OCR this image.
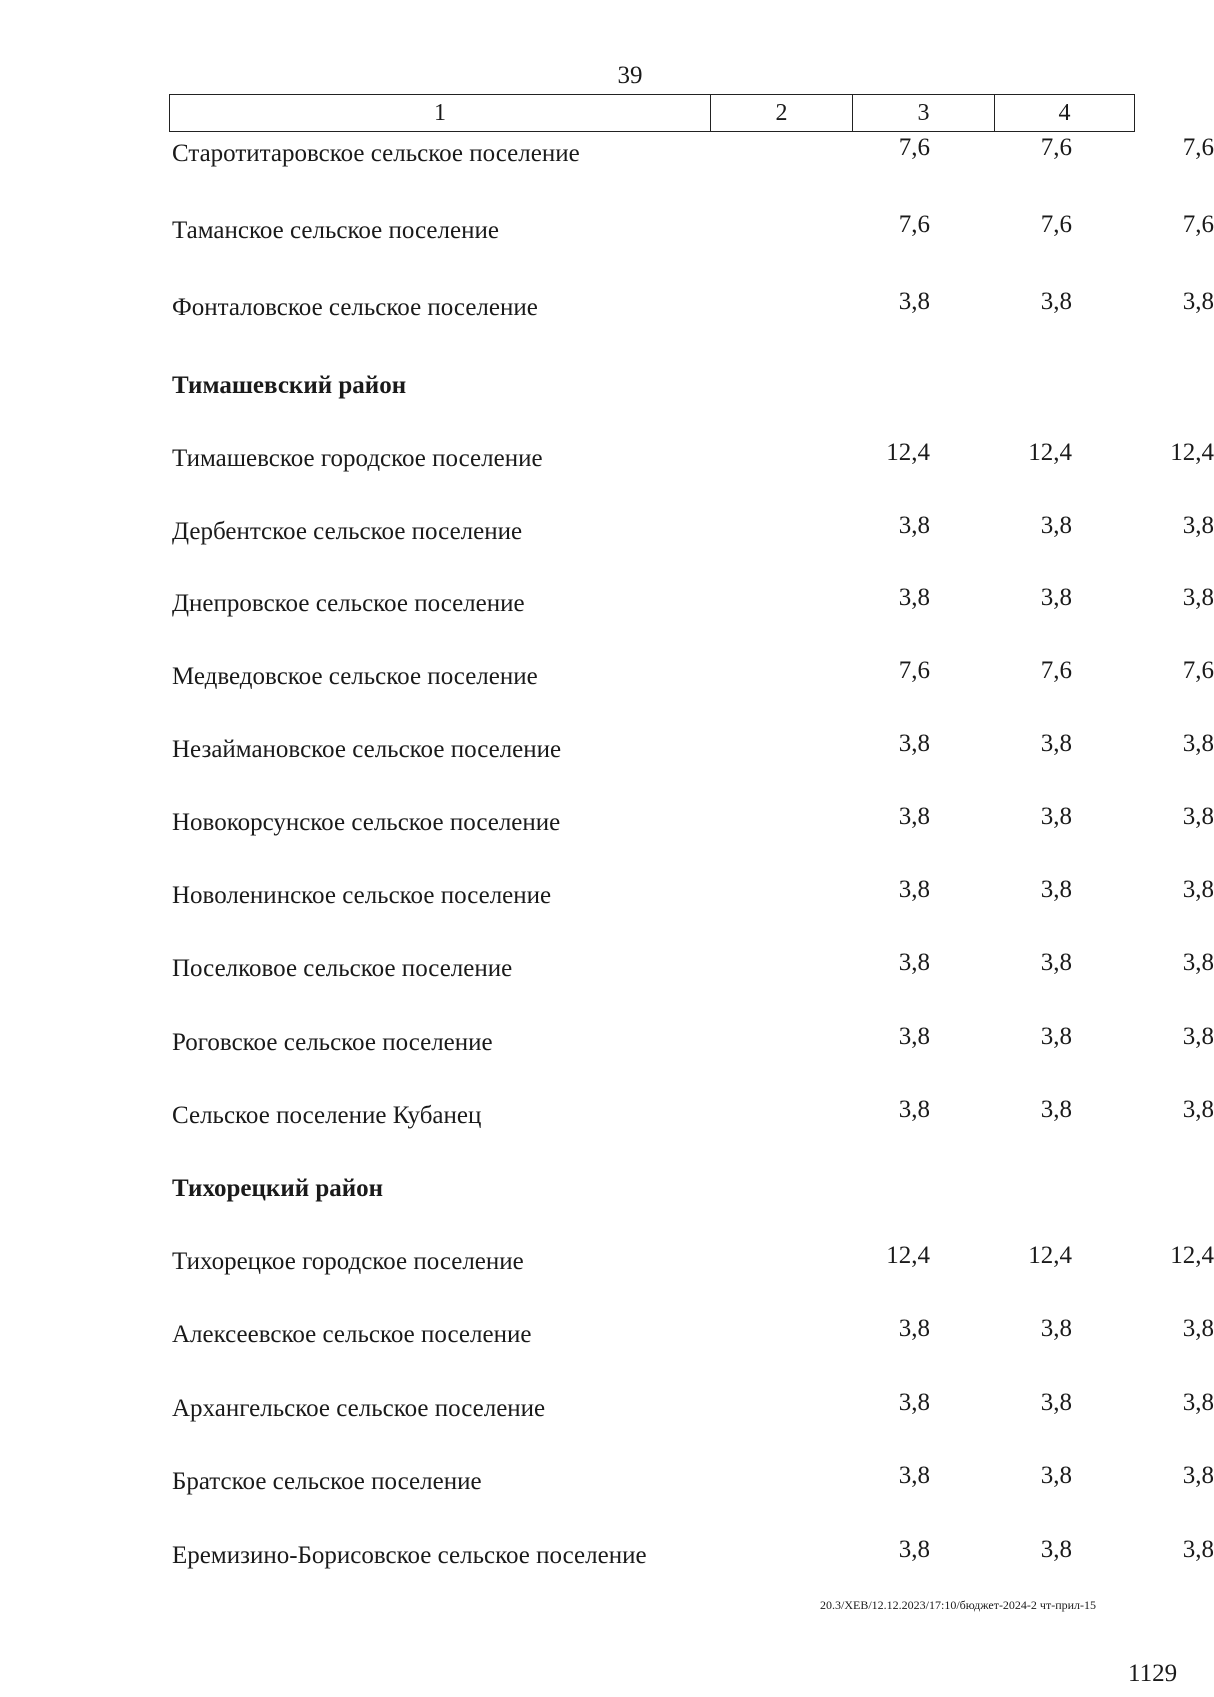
39
1	2	3	4
Старотитаровское сельское поселение	7,6	7,6	7,6
Таманское сельское поселение	7,6	7,6	7,6
Фонталовское сельское поселение	3,8	3,8	3,8
Тимашевский район
Тимашевское городское поселение	12,4	12,4	12,4
Дербентское сельское поселение	3,8	3,8	3,8
Днепровское сельское поселение	3,8	3,8	3,8
Медведовское сельское поселение	7,6	7,6	7,6
Незаймановское сельское поселение	3,8	3,8	3,8
Новокорсунское сельское поселение	3,8	3,8	3,8
Новоленинское сельское поселение	3,8	3,8	3,8
Поселковое сельское поселение	3,8	3,8	3,8
Роговское сельское поселение	3,8	3,8	3,8
Сельское поселение Кубанец	3,8	3,8	3,8
Тихорецкий район
Тихорецкое городское поселение	12,4	12,4	12,4
Алексеевское сельское поселение	3,8	3,8	3,8
Архангельское сельское поселение	3,8	3,8	3,8
Братское сельское поселение	3,8	3,8	3,8
Еремизино-Борисовское сельское поселение	3,8	3,8	3,8
20.3/ХЕВ/12.12.2023/17:10/бюджет-2024-2 чт-прил-15
1129
